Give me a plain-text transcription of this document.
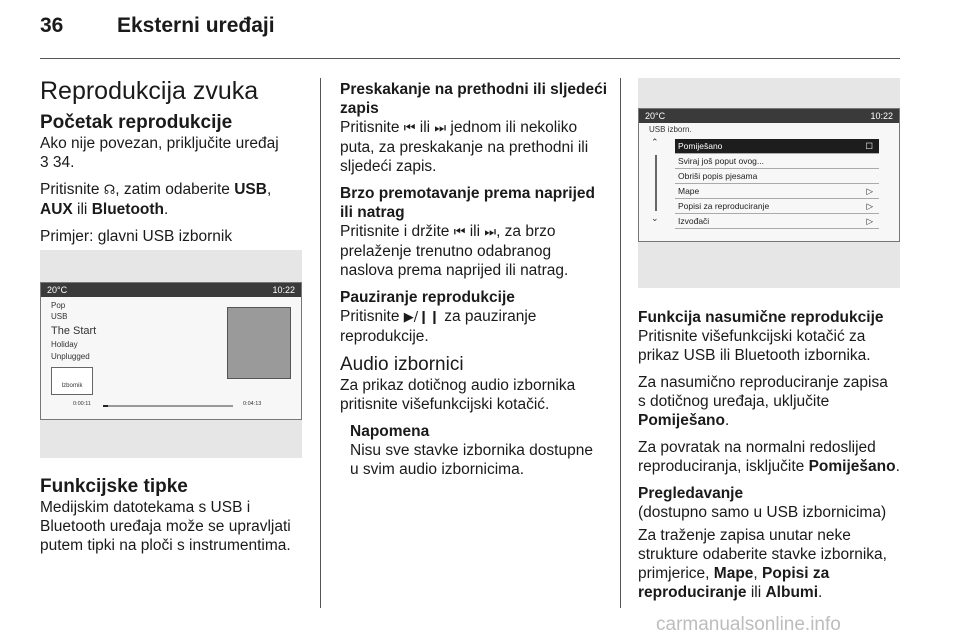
36	Eksterni uređaji

Reprodukcija zvuka

Početak reprodukcije

Ako nije povezan, priključite uređaj

3 34.

Pritisnite ☊, zatim odaberite USB,
AUX ili Bluetooth.

Primjer: glavni USB izbornik

20°C	10:22
Pop
USB
The Start
Holiday
Unplugged
Izbornik
0:00:11	0:04:13

Funkcijske tipke

Medijskim datotekama s USB i

Bluetooth uređaja može se upravljati

putem tipki na ploči s instrumentima.

Preskakanje na prethodni ili sljedeći zapis

Pritisnite ⏮ ili ⏭ jednom ili nekoliko
puta, za preskakanje na prethodni ili
sljedeći zapis.

Brzo premotavanje prema naprijed ili natrag

Pritisnite i držite ⏮ ili ⏭, za brzo
prelaženje trenutno odabranog
naslova prema naprijed ili natrag.

Pauziranje reprodukcije

Pritisnite ▶/❙❙ za pauziranje
reprodukcije.

Audio izbornici

Za prikaz dotičnog audio izbornika

pritisnite višefunkcijski kotačić.

Napomena

Nisu sve stavke izbornika dostupne

u svim audio izbornicima.

20°C	10:22
USB izborn.
⌃
⌄
Pomiješano	☐
Sviraj još poput ovog...
Obriši popis pjesama
Mape	▷
Popisi za reproduciranje	▷
Izvođači	▷

Funkcija nasumične reprodukcije

Pritisnite višefunkcijski kotačić za

prikaz USB ili Bluetooth izbornika.

Za nasumično reproduciranje zapisa

s dotičnog uređaja, uključite

Pomiješano.

Za povratak na normalni redoslijed

reproduciranja, isključite Pomiješano.

Pregledavanje

(dostupno samo u USB izbornicima)

Za traženje zapisa unutar neke

strukture odaberite stavke izbornika,

primjerice, Mape, Popisi za

reproduciranje ili Albumi.

carmanualsonline.info
